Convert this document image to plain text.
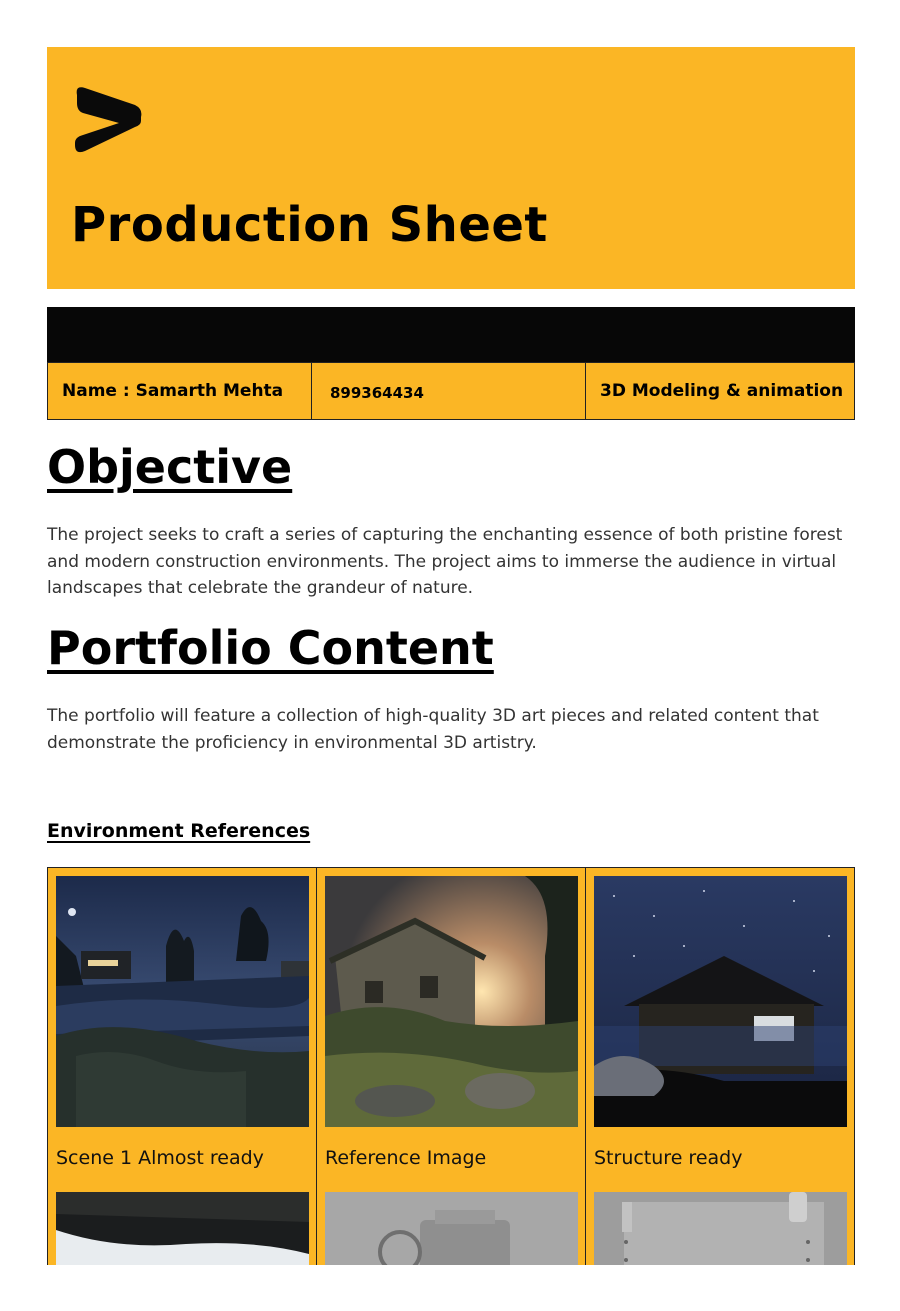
Production Sheet
Name : Samarth Mehta	899364434	3D Modeling & animation
Objective

The project seeks to craft a series of capturing the enchanting essence of both pristine forest and modern construction environments. The project aims to immerse the audience in virtual landscapes that celebrate the grandeur of nature.

Portfolio Content

The portfolio will feature a collection of high-quality 3D art pieces and related content that demonstrate the proficiency in environmental 3D artistry.

Environment References
Scene 1 Almost ready	Reference Image	Structure ready
